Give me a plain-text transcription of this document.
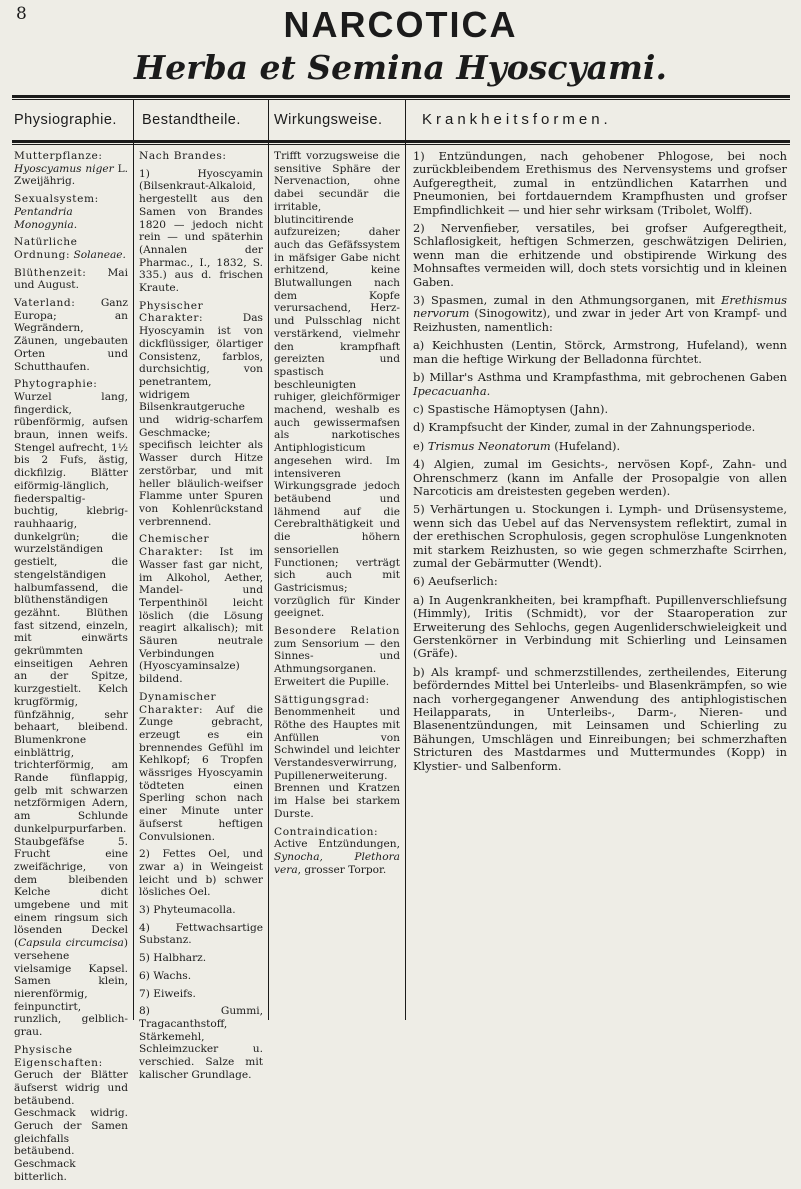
8	NARCOTICA
Herba et Semina Hyoscyami.
Physiographie.	Bestandtheile.	Wirkungsweise.	Krankheitsformen.

Mutterpflanze: Hyoscyamus niger L. Zweijährig.

Sexualsystem: Pentandria Monogynia.

Natürliche Ordnung: Solaneae.

Blüthenzeit: Mai und August.

Vaterland: Ganz Europa; an Wegrändern, Zäunen, ungebauten Orten und Schutthaufen.

Phytographie: Wurzel lang, fingerdick, rübenförmig, aufsen braun, innen weifs. Stengel aufrecht, 1½ bis 2 Fufs, ästig, dickfilzig. Blätter eiförmig-länglich, fiederspaltig-buchtig, klebrig-rauhhaarig, dunkelgrün; die wurzelständigen gestielt, die stengelständigen halbumfassend, die blüthenständigen gezähnt. Blüthen fast sitzend, einzeln, mit einwärts gekrümmten einseitigen Aehren an der Spitze, kurzgestielt. Kelch krugförmig, fünfzähnig, sehr behaart, bleibend. Blumenkrone einblättrig, trichterförmig, am Rande fünflappig, gelb mit schwarzen netzförmigen Adern, am Schlunde dunkelpurpurfarben. Staubgefäfse 5. Frucht eine zweifächrige, von dem bleibenden Kelche dicht umgebene und mit einem ringsum sich lösenden Deckel (Capsula circumcisa) versehene vielsamige Kapsel. Samen klein, nierenförmig, feinpunctirt, runzlich, gelblich-grau.

Physische Eigenschaften: Geruch der Blätter äufserst widrig und betäubend. Geschmack widrig. Geruch der Samen gleichfalls betäubend. Geschmack bitterlich.

Nach Brandes:

1) Hyoscyamin (Bilsenkraut-Alkaloid, hergestellt aus den Samen von Brandes 1820 — jedoch nicht rein — und späterhin (Annalen der Pharmac., I., 1832, S. 335.) aus d. frischen Kraute.

Physischer Charakter:	Das Hyoscyamin ist von dickflüssiger, ölartiger Consistenz, farblos, durchsichtig, von penetrantem, widrigem Bilsenkrautgeruche und widrig-scharfem Geschmacke; specifisch leichter als Wasser durch Hitze zerstörbar, und mit heller bläulich-weifser Flamme unter Spuren von Kohlenrückstand verbrennend.

Chemischer Charakter: Ist im Wasser fast gar nicht, im Alkohol, Aether, Mandel- und Terpenthinöl leicht löslich (die Lösung reagirt alkalisch); mit Säuren neutrale Verbindungen (Hyoscyaminsalze) bildend.

Dynamischer Charakter: Auf die Zunge gebracht, erzeugt es ein brennendes Gefühl im Kehlkopf; 6 Tropfen wässriges Hyoscyamin tödteten einen Sperling schon nach einer Minute unter äufserst heftigen Convulsionen.

2) Fettes Oel, und zwar a) in Weingeist leicht und b) schwer lösliches Oel.

3) Phyteumacolla.

4) Fettwachsartige Substanz.

5) Halbharz.

6) Wachs.

7) Eiweifs.

8) Gummi, Tragacanthstoff, Stärkemehl, Schleimzucker u. verschied. Salze mit kalischer Grundlage.

Trifft vorzugsweise die sensitive Sphäre der Nervenaction, ohne dabei secundär die irritable, blutincitirende aufzureizen; daher auch das Gefäfssystem in mäfsiger Gabe nicht erhitzend, keine Blutwallungen nach dem Kopfe verursachend, Herz- und Pulsschlag nicht verstärkend, vielmehr den krampfhaft gereizten und spastisch beschleunigten ruhiger, gleichförmiger machend, weshalb es auch gewissermafsen als narkotisches Antiphlogisticum angesehen wird. Im intensiveren Wirkungsgrade jedoch betäubend und lähmend auf die Cerebralthätigkeit und die höhern sensoriellen Functionen; verträgt sich auch mit Gastricismus; vorzüglich für Kinder geeignet.

Besondere Relation zum Sensorium — den Sinnes- und Athmungsorganen. Erweitert die Pupille.

Sättigungsgrad: Benommenheit und Röthe des Hauptes mit Anfüllen von Schwindel und leichter Verstandesverwirrung, Pupillenerweiterung. Brennen und Kratzen im Halse bei starkem Durste.

Contraindication: Active Entzündungen, Synocha, Plethora vera, grosser Torpor.

1) Entzündungen, nach gehobener Phlogose, bei noch zurückbleibendem Erethismus des Nervensystems und grofser Aufgeregtheit, zumal in entzündlichen Katarrhen und Pneumonien, bei fortdauerndem Krampfhusten und grofser Empfindlichkeit — und hier sehr wirksam (Tribolet, Wolff).

2) Nervenfieber, versatiles, bei grofser Aufgeregtheit, Schlaflosigkeit, heftigen Schmerzen, geschwätzigen Delirien, wenn man die erhitzende und obstipirende Wirkung des Mohnsaftes vermeiden will, doch stets vorsichtig und in kleinen Gaben.

3) Spasmen, zumal in den Athmungsorganen, mit Erethismus nervorum (Sinogowitz), und zwar in jeder Art von Krampf- und Reizhusten, namentlich:

a) Keichhusten (Lentin, Störck, Armstrong, Hufeland), wenn man die heftige Wirkung der Belladonna fürchtet.

b) Millar's Asthma und Krampfasthma, mit gebrochenen Gaben Ipecacuanha.

c) Spastische Hämoptysen (Jahn).

d) Krampfsucht der Kinder, zumal in der Zahnungsperiode.

e) Trismus Neonatorum (Hufeland).

4) Algien, zumal im Gesichts-, nervösen Kopf-, Zahn- und Ohrenschmerz (kann im Anfalle der Prosopalgie von allen Narcoticis am dreistesten gegeben werden).

5) Verhärtungen u. Stockungen i. Lymph- und Drüsensysteme, wenn sich das Uebel auf das Nervensystem reflektirt, zumal in der erethischen Scrophulosis, gegen scrophulöse Lungenknoten mit starkem Reizhusten, so wie gegen schmerzhafte Scirrhen, zumal der Gebärmutter (Wendt).

6) Aeufserlich:

a) In Augenkrankheiten, bei krampfhaft. Pupillenverschliefsung (Himmly), Iritis (Schmidt), vor der Staaroperation zur Erweiterung des Sehlochs, gegen Augenliderschwieleigkeit und Gerstenkörner in Verbindung mit Schierling und Leinsamen (Gräfe).

b) Als krampf- und schmerzstillendes, zertheilendes, Eiterung beförderndes Mittel bei Unterleibs- und Blasenkrämpfen, so wie nach vorhergegangener Anwendung des antiphlogistischen Heilapparats, in Unterleibs-, Darm-, Nieren- und Blasenentzündungen, mit Leinsamen und Schierling zu Bähungen, Umschlägen und Einreibungen; bei schmerzhaften Stricturen des Mastdarmes und Muttermundes (Kopp) in Klystier- und Salbenform.
